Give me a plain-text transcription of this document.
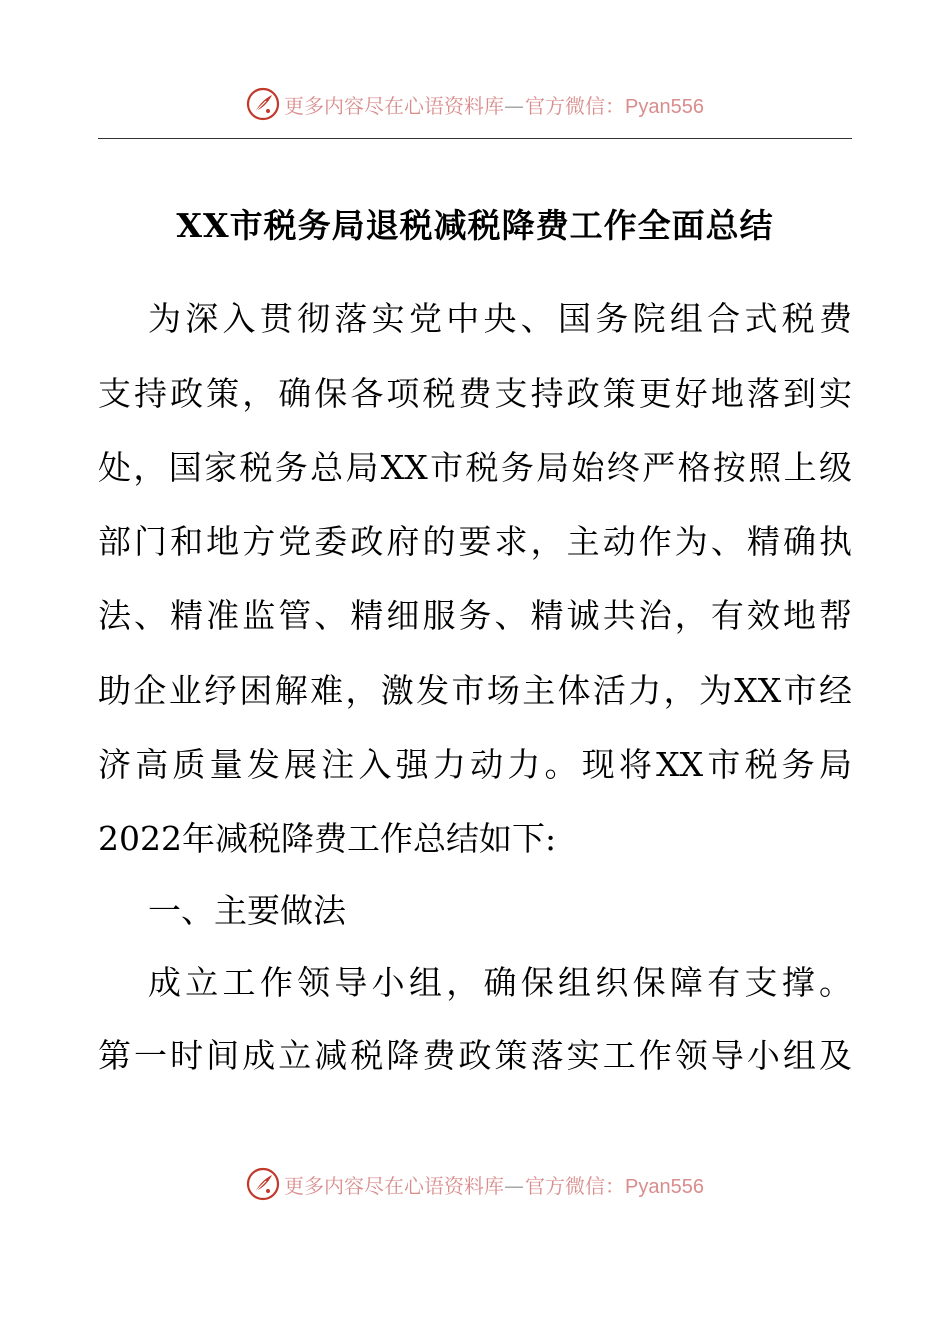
更多内容尽在心语资料库—官方微信：Pyan556
XX市税务局退税减税降费工作全面总结
为深入贯彻落实党中央、国务院组合式税费
支持政策，确保各项税费支持政策更好地落到实
处，国家税务总局XX市税务局始终严格按照上级
部门和地方党委政府的要求，主动作为、精确执
法、精准监管、精细服务、精诚共治，有效地帮
助企业纾困解难，激发市场主体活力，为XX市经
济高质量发展注入强力动力。现将XX市税务局
2022年减税降费工作总结如下:
一、主要做法
成立工作领导小组，确保组织保障有支撑。
第一时间成立减税降费政策落实工作领导小组及
更多内容尽在心语资料库—官方微信：Pyan556
